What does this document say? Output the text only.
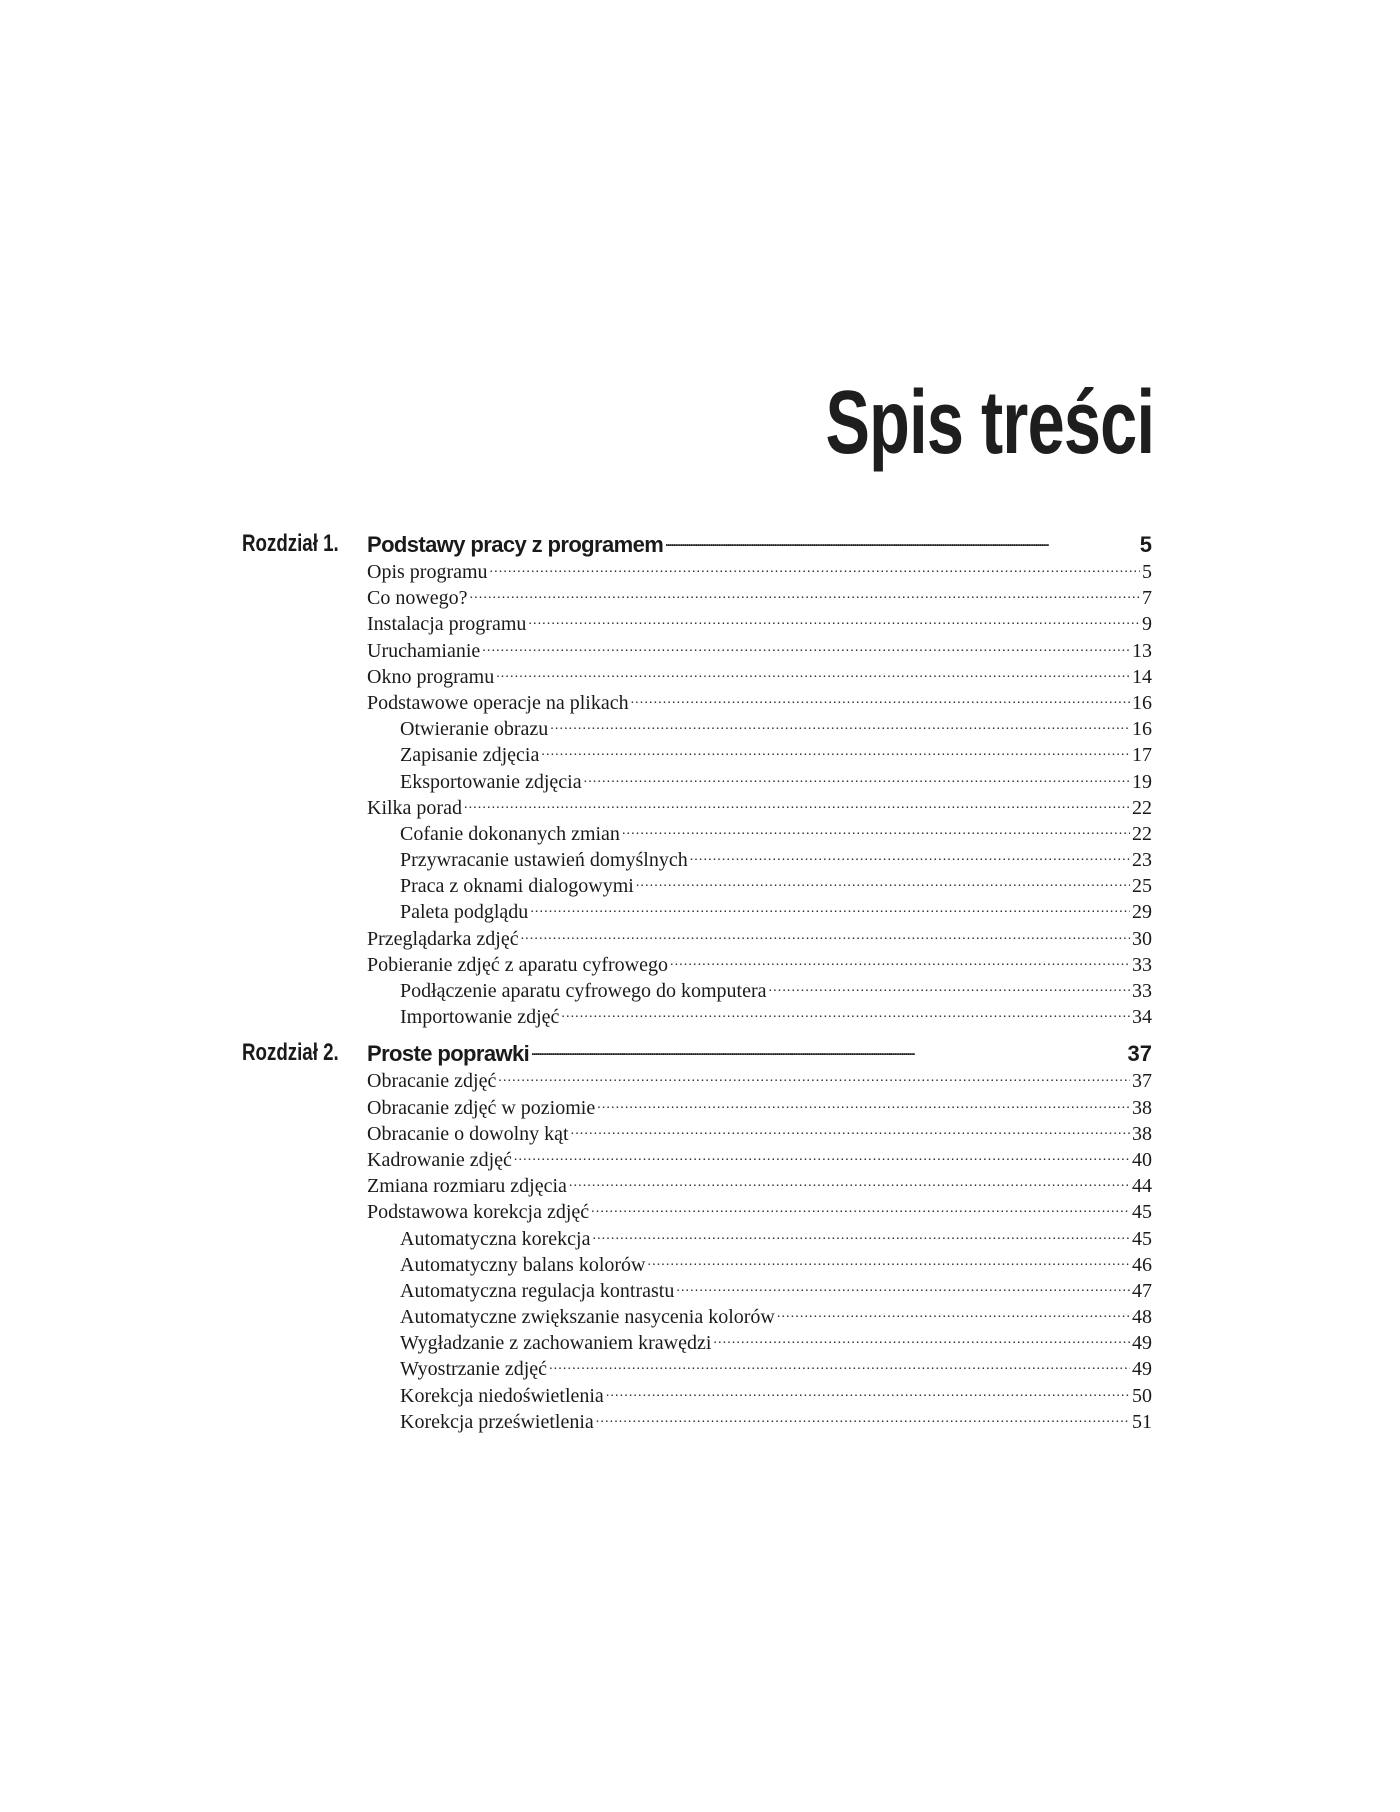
Spis treści
Rozdział 1. Podstawy pracy z programem . . .	5
Opis programu . . .	5
Co nowego? . . .	7
Instalacja programu . . .	9
Uruchamianie . . .	13
Okno programu . . .	14
Podstawowe operacje na plikach . . .	16
Otwieranie obrazu . . .	16
Zapisanie zdjęcia . . .	17
Eksportowanie zdjęcia . . .	19
Kilka porad . . .	22
Cofanie dokonanych zmian . . .	22
Przywracanie ustawień domyślnych . . .	23
Praca z oknami dialogowymi . . .	25
Paleta podglądu . . .	29
Przeglądarka zdjęć . . .	30
Pobieranie zdjęć z aparatu cyfrowego . . .	33
Podłączenie aparatu cyfrowego do komputera . . .	33
Importowanie zdjęć . . .	34
Rozdział 2. Proste poprawki . . .	37
Obracanie zdjęć . . .	37
Obracanie zdjęć w poziomie . . .	38
Obracanie o dowolny kąt . . .	38
Kadrowanie zdjęć . . .	40
Zmiana rozmiaru zdjęcia . . .	44
Podstawowa korekcja zdjęć . . .	45
Automatyczna korekcja . . .	45
Automatyczny balans kolorów . . .	46
Automatyczna regulacja kontrastu . . .	47
Automatyczne zwiększanie nasycenia kolorów . . .	48
Wygładzanie z zachowaniem krawędzi . . .	49
Wyostrzanie zdjęć . . .	49
Korekcja niedoświetlenia . . .	50
Korekcja prześwietlenia . . .	51
